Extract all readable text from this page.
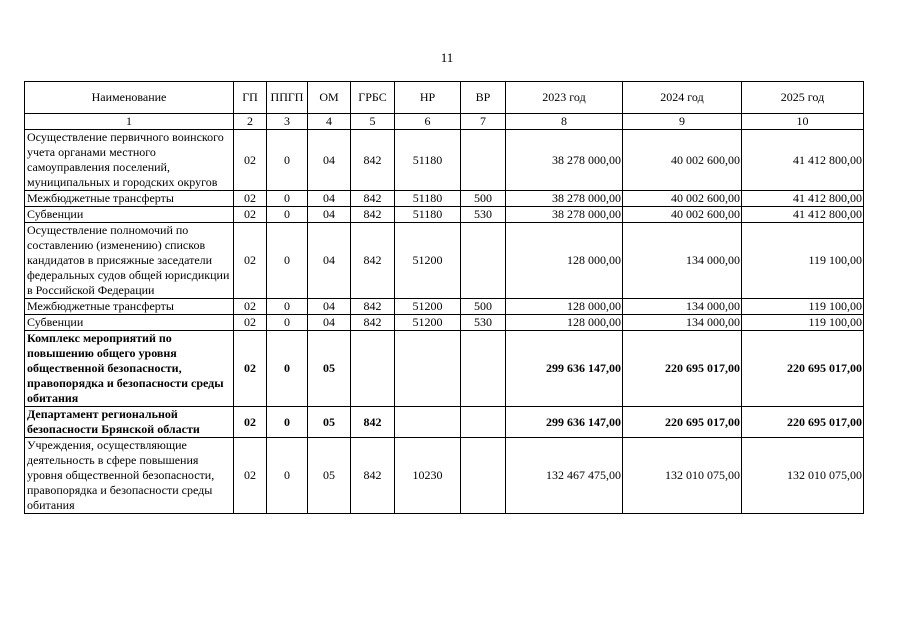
11
Наименование	ГП	ППГП	ОМ	ГРБС	НР	ВР	2023 год	2024 год	2025 год
1	2	3	4	5	6	7	8	9	10
Осуществление первичного воинского учета органами местного самоуправления поселений, муниципальных и городских округов	02	0	04	842	51180		38 278 000,00	40 002 600,00	41 412 800,00
Межбюджетные трансферты	02	0	04	842	51180	500	38 278 000,00	40 002 600,00	41 412 800,00
Субвенции	02	0	04	842	51180	530	38 278 000,00	40 002 600,00	41 412 800,00
Осуществление полномочий по составлению (изменению) списков кандидатов в присяжные заседатели федеральных судов общей юрисдикции в Российской Федерации	02	0	04	842	51200		128 000,00	134 000,00	119 100,00
Межбюджетные трансферты	02	0	04	842	51200	500	128 000,00	134 000,00	119 100,00
Субвенции	02	0	04	842	51200	530	128 000,00	134 000,00	119 100,00
Комплекс мероприятий по повышению общего уровня общественной безопасности, правопорядка и безопасности среды обитания	02	0	05				299 636 147,00	220 695 017,00	220 695 017,00
Департамент региональной безопасности Брянской области	02	0	05	842			299 636 147,00	220 695 017,00	220 695 017,00
Учреждения, осуществляющие деятельность в сфере повышения уровня общественной безопасности, правопорядка и безопасности среды обитания	02	0	05	842	10230		132 467 475,00	132 010 075,00	132 010 075,00
